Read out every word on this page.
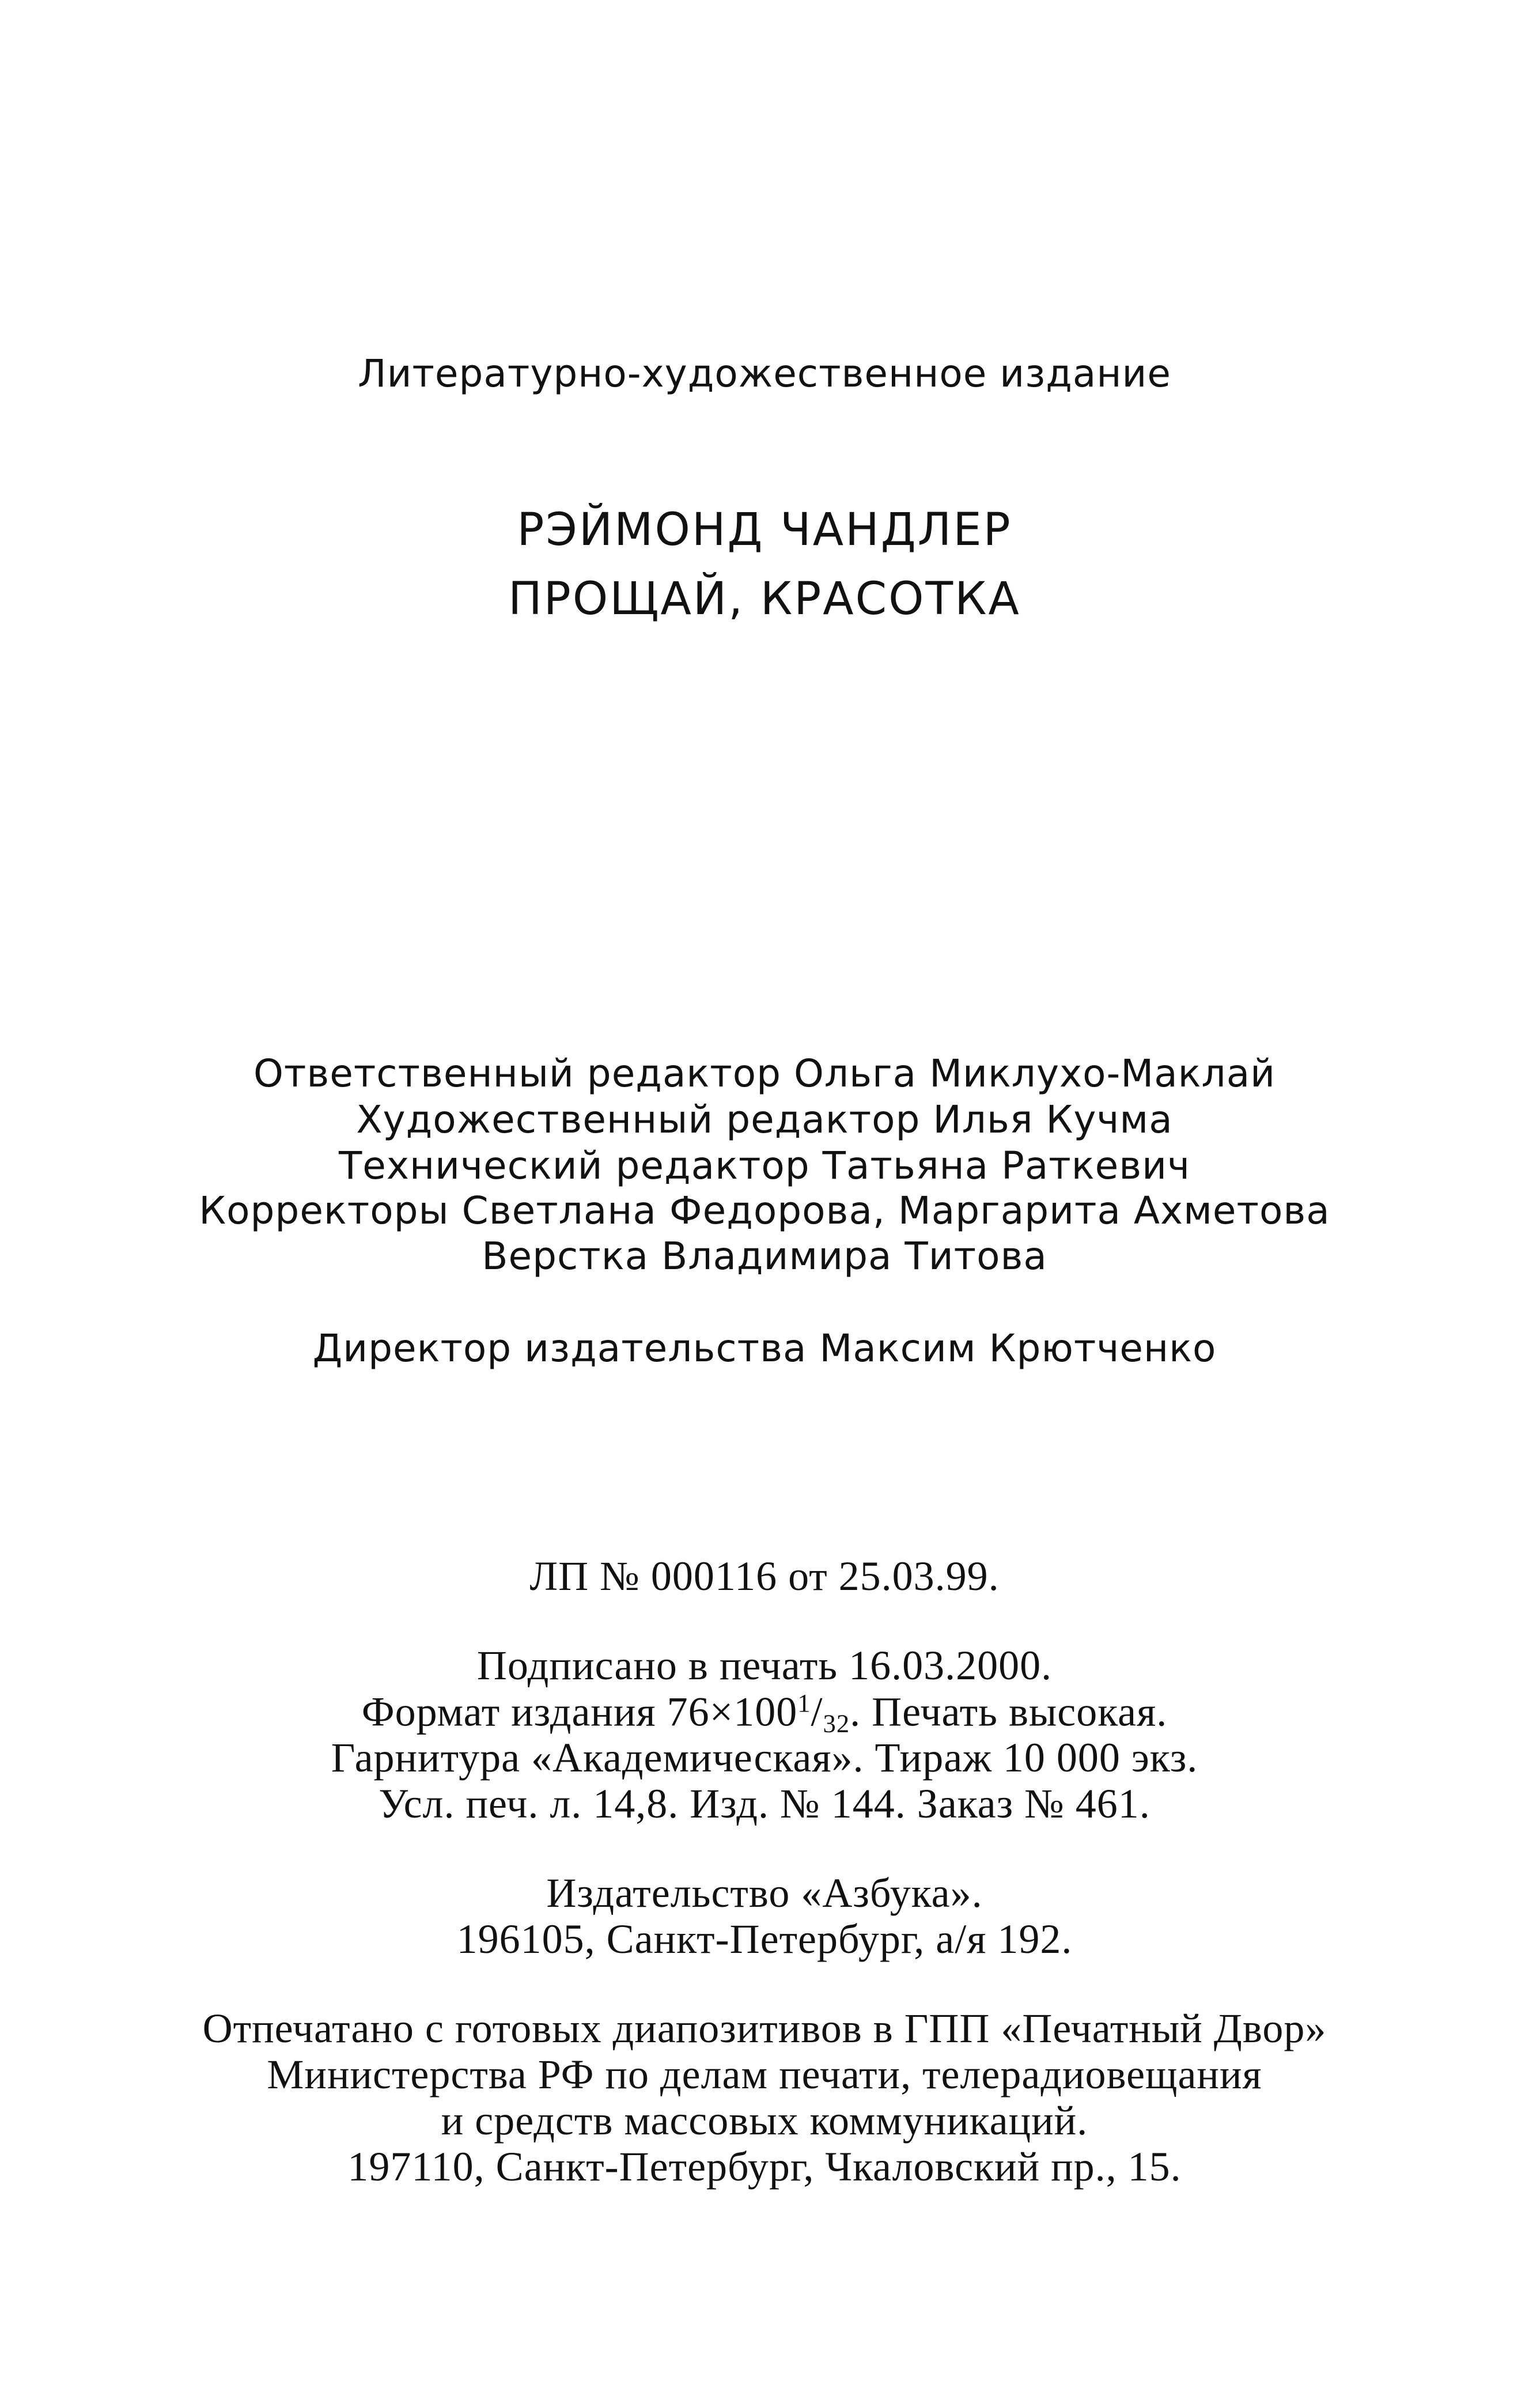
Литературно-художественное издание

РЭЙМОНД ЧАНДЛЕР

ПРОЩАЙ, КРАСОТКА

Ответственный редактор Ольга Миклухо-Маклай

Художественный редактор Илья Кучма

Технический редактор Татьяна Раткевич

Корректоры Светлана Федорова, Маргарита Ахметова

Верстка Владимира Титова

Директор издательства Максим Крютченко

ЛП № 000116 от 25.03.99.

Подписано в печать 16.03.2000.

Формат издания $76\times 100^1/_{32}$. Печать высокая.

Гарнитура «Академическая». Тираж 10 000 экз.

Усл. печ. л. 14,8. Изд. № 144. Заказ № 461.

Издательство «Азбука».

196105, Санкт-Петербург, а/я 192.

Отпечатано с готовых диапозитивов в ГПП «Печатный Двор»

Министерства РФ по делам печати, телерадиовещания

и средств массовых коммуникаций.

197110, Санкт-Петербург, Чкаловский пр., 15.
